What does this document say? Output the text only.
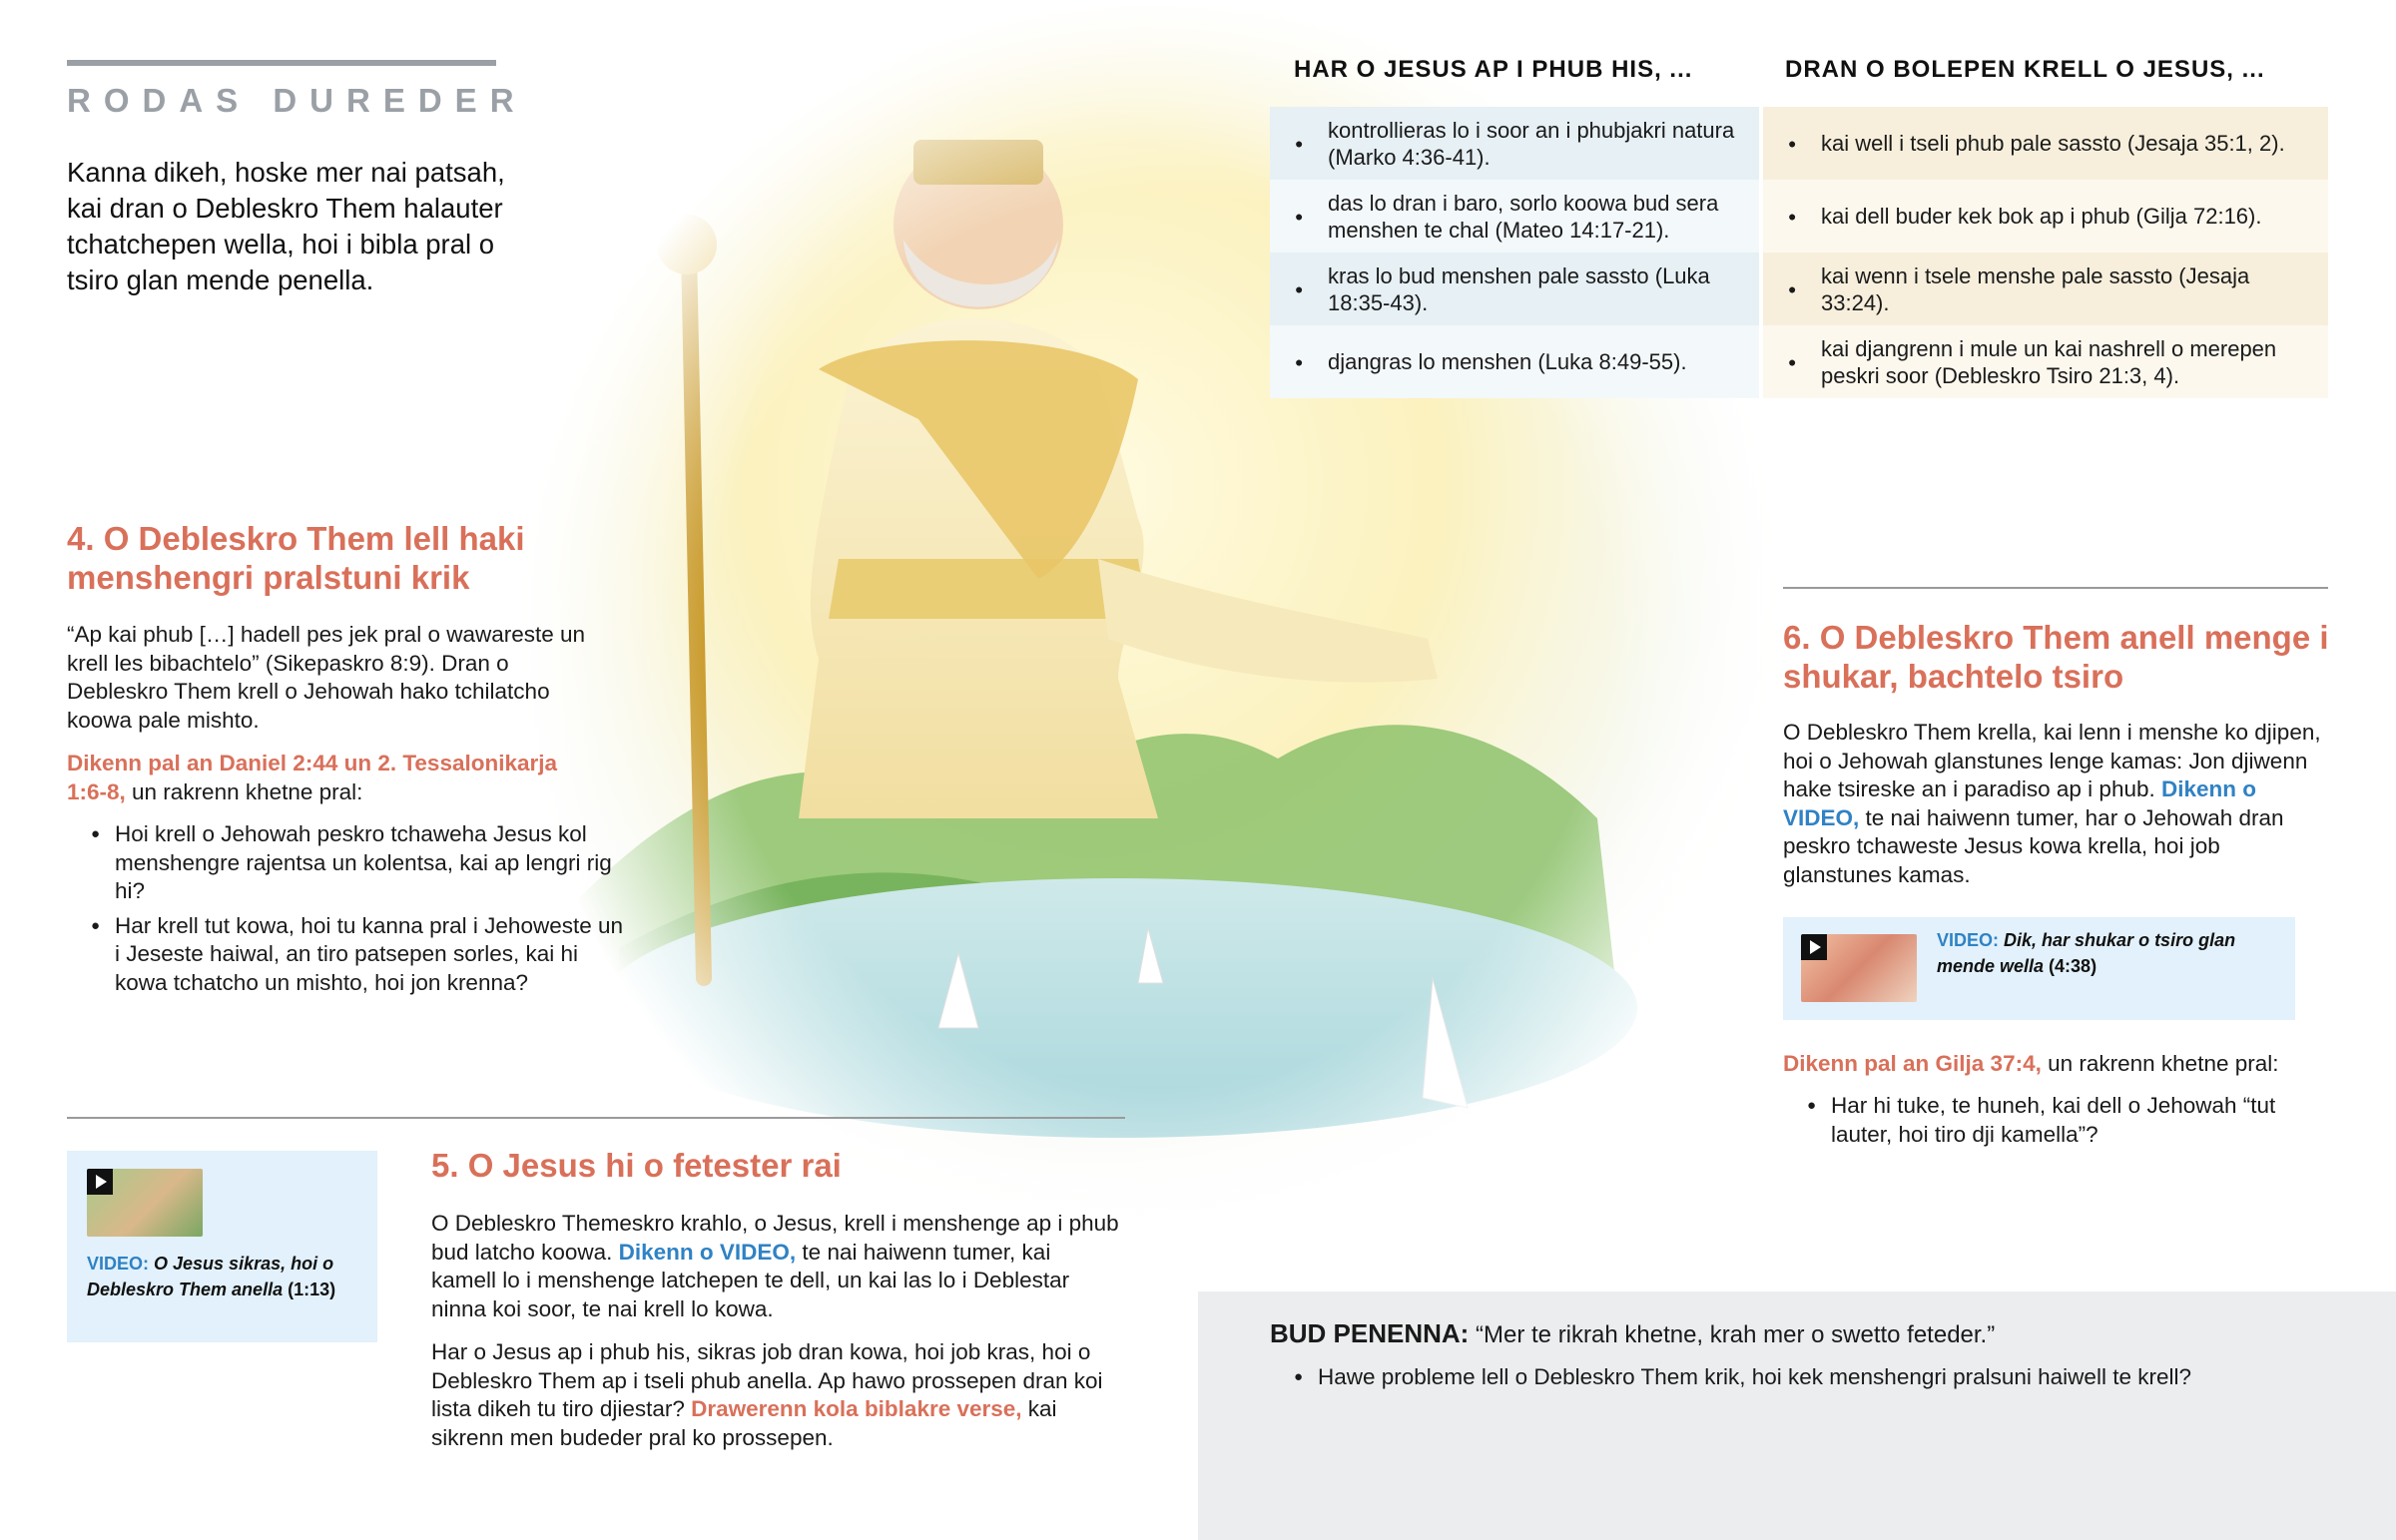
RODAS DUREDER
Kanna dikeh, hoske mer nai patsah, kai dran o Debleskro Them halauter tchatchepen wella, hoi i bibla pral o tsiro glan mende penella.
4. O Debleskro Them lell haki menshengri pralstuni krik
“Ap kai phub […] hadell pes jek pral o wawareste un krell les bibachtelo” (Sikepaskro 8:9). Dran o Debleskro Them krell o Jehowah hako tchilatcho koowa pale mishto.
Dikenn pal an Daniel 2:44 un 2. Tessalonikarja 1:6-8, un rakrenn khetne pral:
● Hoi krell o Jehowah peskro tchaweha Jesus kol menshengre rajentsa un kolentsa, kai ap lengri rig hi?
● Har krell tut kowa, hoi tu kanna pral i Jehoweste un i Jeseste haiwal, an tiro patsepen sorles, kai hi kowa tchatcho un mishto, hoi jon krenna?
VIDEO: O Jesus sikras, hoi o Debleskro Them anella (1:13)
5. O Jesus hi o fetester rai
O Debleskro Themeskro krahlo, o Jesus, krell i menshenge ap i phub bud latcho koowa. Dikenn o VIDEO, te nai haiwenn tumer, kai kamell lo i menshenge latchepen te dell, un kai las lo i Deblestar ninna koi soor, te nai krell lo kowa.
Har o Jesus ap i phub his, sikras job dran kowa, hoi job kras, hoi o Debleskro Them ap i tseli phub anella. Ap hawo prossepen dran koi lista dikeh tu tiro djiestar? Drawerenn kola biblakre verse, kai sikrenn men budeder pral ko prossepen.
HAR O JESUS AP I PHUB HIS, ...	DRAN O BOLEPEN KRELL O JESUS, ...
● kontrollieras lo i soor an i phubjakri natura (Marko 4:36-41).
● das lo dran i baro, sorlo koowa bud sera menshen te chal (Mateo 14:17-21).
● kras lo bud menshen pale sassto (Luka 18:35-43).
● djangras lo menshen (Luka 8:49-55).
● kai well i tseli phub pale sassto (Jesaja 35:1, 2).
● kai dell buder kek bok ap i phub (Gilja 72:16).
● kai wenn i tsele menshe pale sassto (Jesaja 33:24).
● kai djangrenn i mule un kai nashrell o merepen peskri soor (Debleskro Tsiro 21:3, 4).
6. O Debleskro Them anell menge i shukar, bachtelo tsiro
O Debleskro Them krella, kai lenn i menshe ko djipen, hoi o Jehowah glanstunes lenge kamas: Jon djiwenn hake tsireske an i paradiso ap i phub. Dikenn o VIDEO, te nai haiwenn tumer, har o Jehowah dran peskro tchaweste Jesus kowa krella, hoi job glanstunes kamas.
VIDEO: Dik, har shukar o tsiro glan mende wella (4:38)
Dikenn pal an Gilja 37:4, un rakrenn khetne pral:
● Har hi tuke, te huneh, kai dell o Jehowah “tut lauter, hoi tiro dji kamella”?
BUD PENENNA: “Mer te rikrah khetne, krah mer o swetto feteder.”
● Hawe probleme lell o Debleskro Them krik, hoi kek menshengri pralsuni haiwell te krell?
